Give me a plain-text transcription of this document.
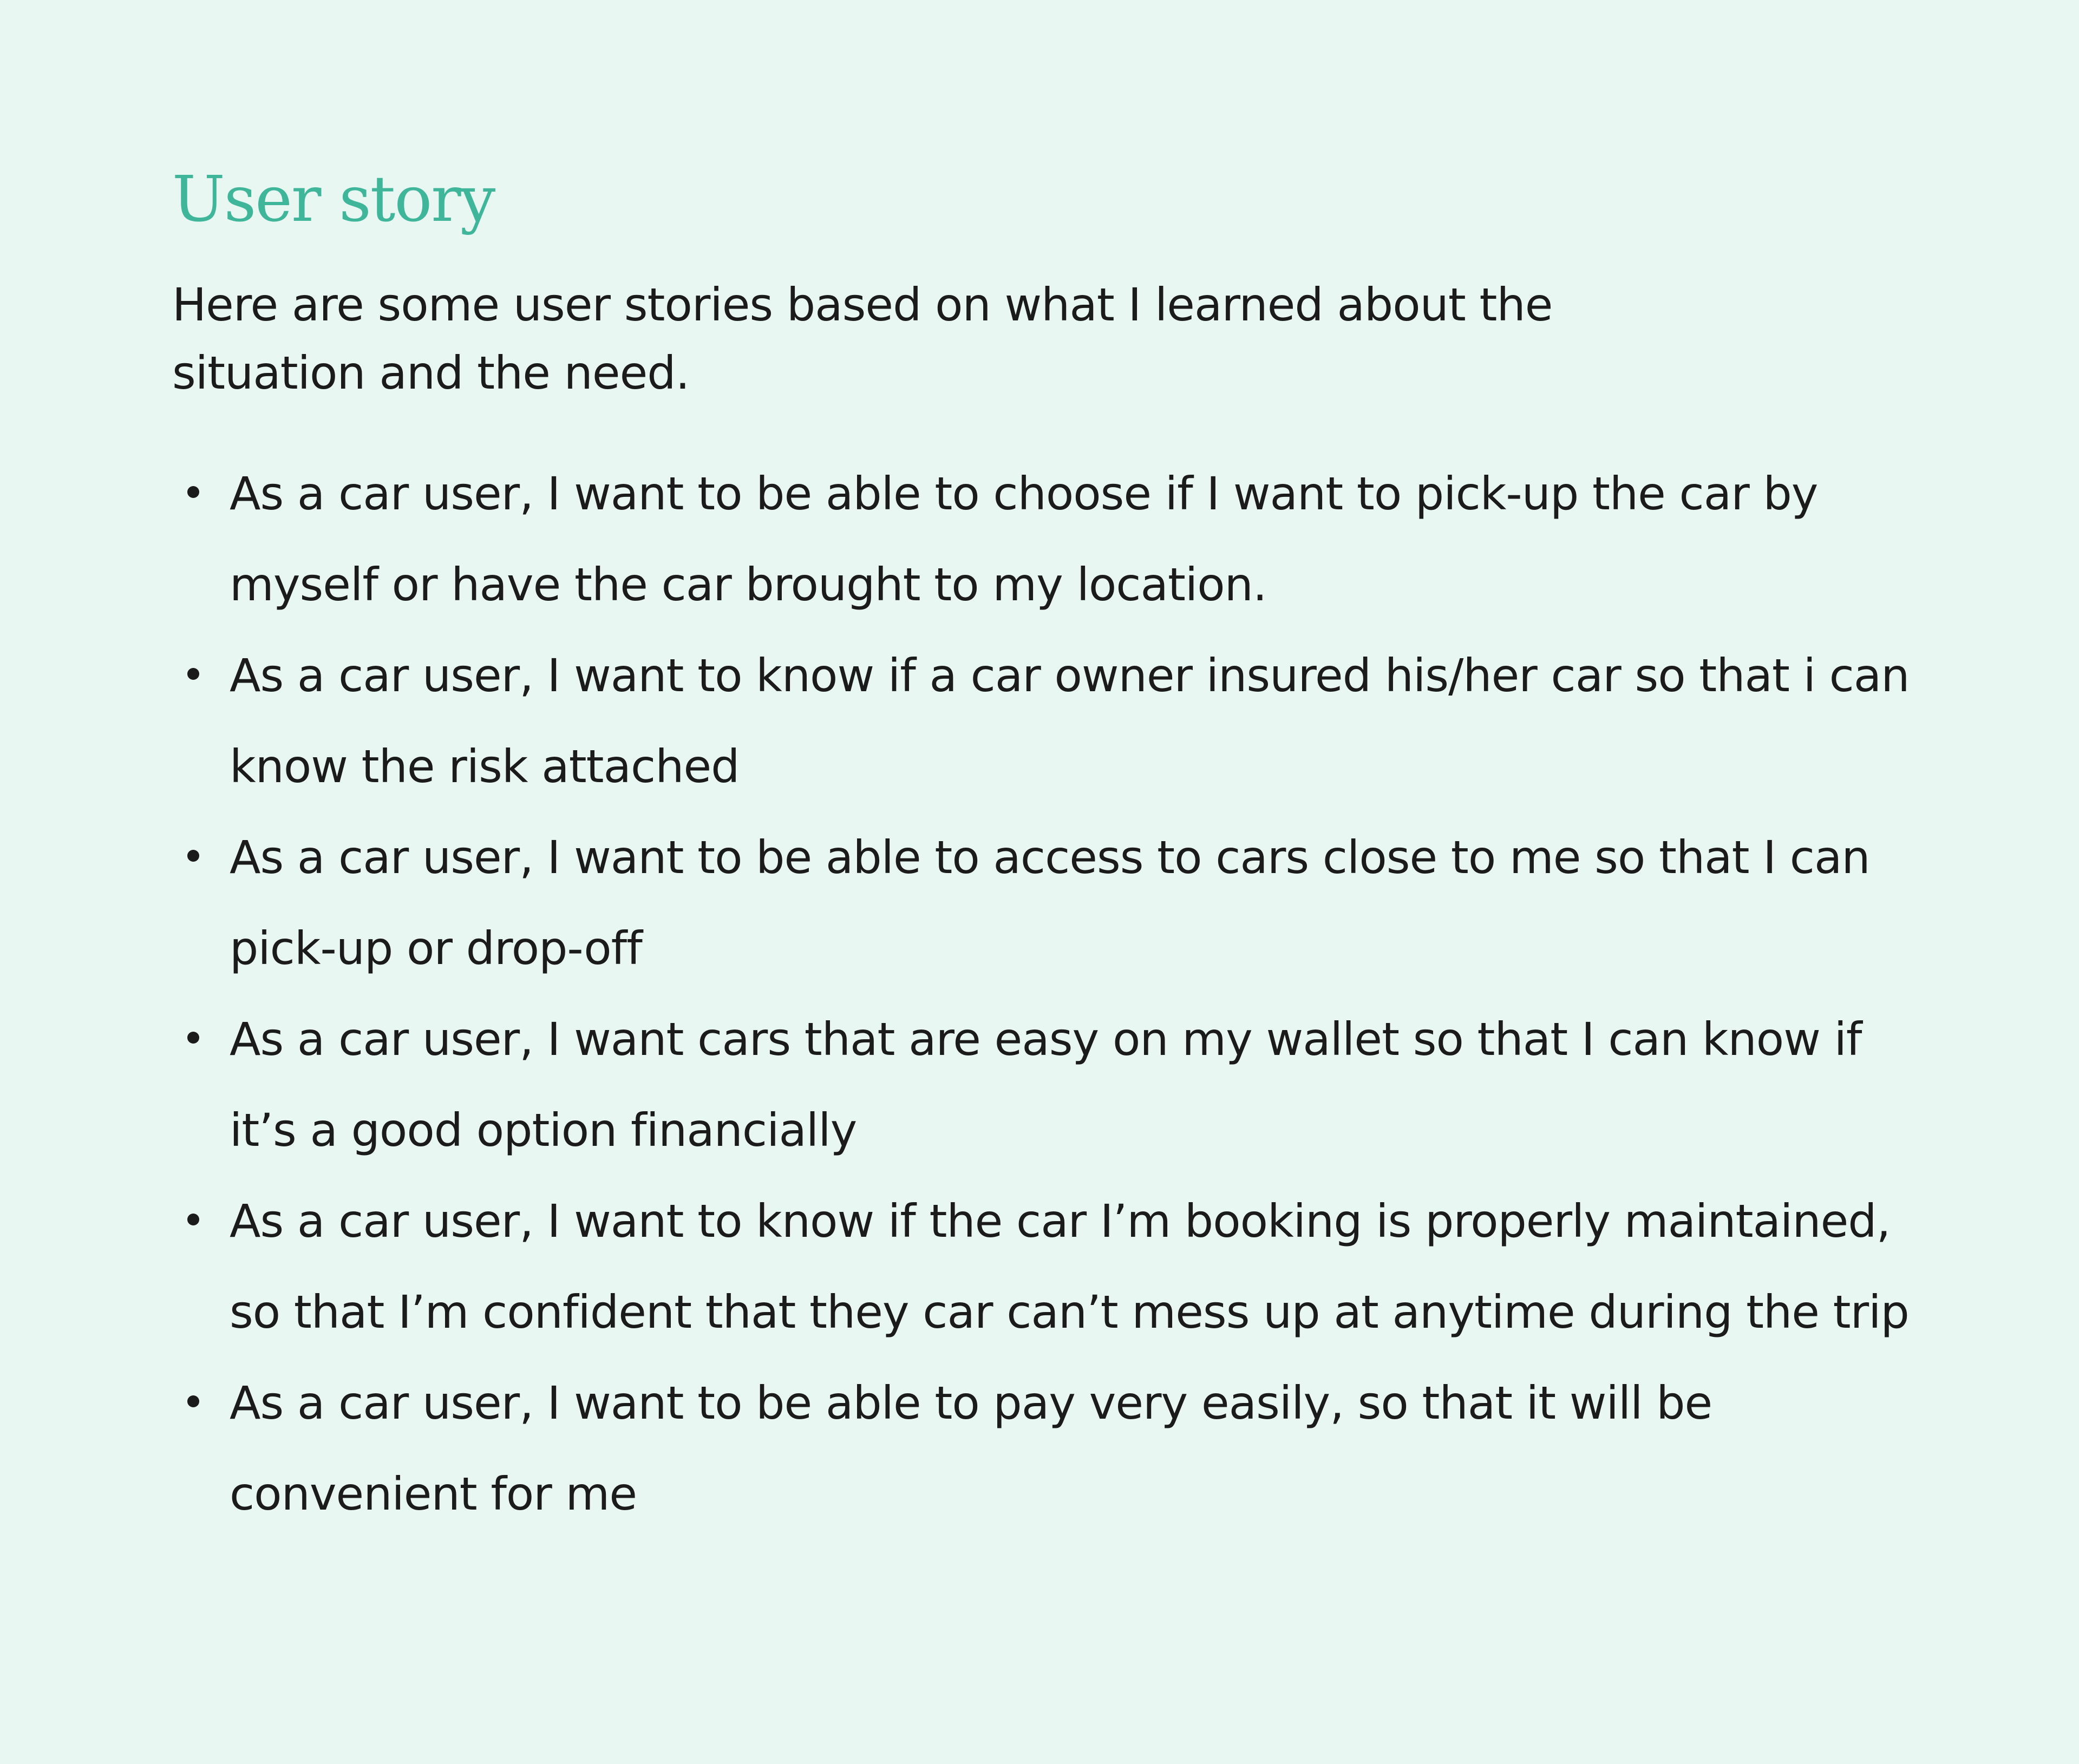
User story

Here are some user stories based on what I learned about the situation and the need.

As a car user, I want to be able to choose if I want to pick-up the car by myself or have the car brought to my location.
As a car user, I want to know if a car owner insured his/her car so that i can know the risk attached
As a car user, I want to be able to access to cars close to me so that I can pick-up or drop-off
As a car user, I want cars that are easy on my wallet so that I can know if it’s a good option financially
As a car user, I want to know if the car I’m booking is properly maintained, so that I’m confident that they car can’t mess up at anytime during the trip
As a car user, I want to be able to pay very easily, so that it will be convenient for me
